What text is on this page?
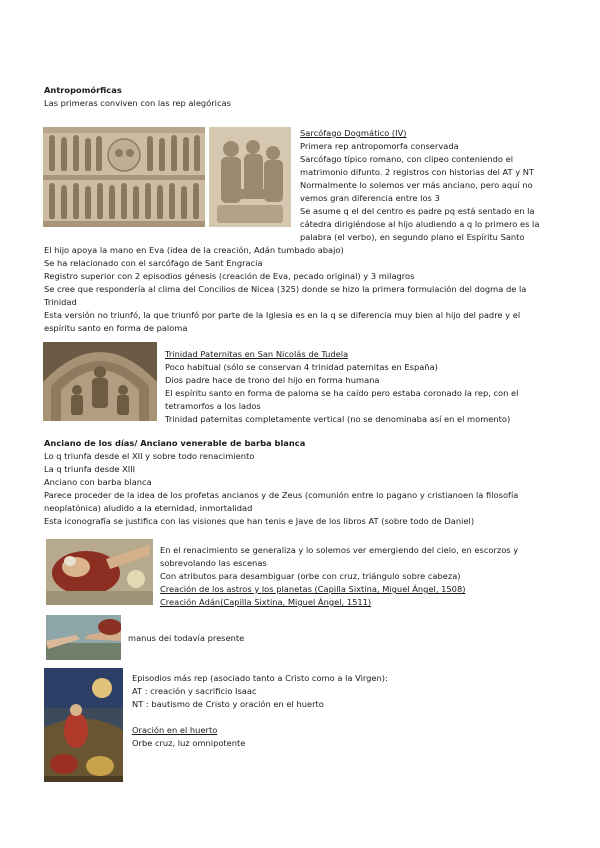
Antropomórficas
Las primeras conviven con las rep alegóricas
Sarcófago Dogmático (IV)
Primera rep antropomorfa conservada
Sarcófago típico romano, con clipeo conteniendo el
matrimonio difunto. 2 registros con historias del AT y NT
Normalmente lo solemos ver más anciano, pero aquí no
vemos gran diferencia entre los 3
Se asume q el del centro es padre pq está sentado en la
cátedra dirigiéndose al hijo aludiendo a q lo primero es la
palabra (el verbo), en segundo plano el Espíritu Santo
El hijo apoya la mano en Eva (idea de la creación, Adán tumbado abajo)
Se ha relacionado con el sarcófago de Sant Engracia
Registro superior con 2 episodios génesis (creación de Eva, pecado original) y 3 milagros
Se cree que respondería al clima del Concilios de Nicea (325) donde se hizo la primera formulación del dogma de la
Trinidad
Esta versión no triunfó, la que triunfó por parte de la Iglesia es en la q se diferencia muy bien al hijo del padre y el
espíritu santo en forma de paloma
Trinidad Paternitas en San Nicolás de Tudela
Poco habitual (sólo se conservan 4 trinidad paternitas en España)
Dios padre hace de trono del hijo en forma humana
El espíritu santo en forma de paloma se ha caído pero estaba coronado la rep, con el
tetramorfos a los lados
Trinidad paternitas completamente vertical (no se denominaba así en el momento)
Anciano de los días/ Anciano venerable de barba blanca
Lo q triunfa desde el XII y sobre todo renacimiento
La q triunfa desde XIII
Anciano con barba blanca
Parece proceder de la idea de los profetas ancianos y de Zeus (comunión entre lo pagano y cristianoen la filosofía
neoplatónica) aludido a la eternidad, inmortalidad
Esta iconografía se justifica con las visiones que han tenis e Jave de los libros AT (sobre todo de Daniel)
En el renacimiento se generaliza y lo solemos ver emergiendo del cielo, en escorzos y
sobrevolando las escenas
Con atributos para desambiguar (orbe con cruz, triángulo sobre cabeza)
Creación de los astros y los planetas (Capilla Sixtina, Miguel Ángel, 1508)
Creación Adán(Capilla Sixtina, Miguel Ángel, 1511)
manus dei todavía presente
Episodios más rep (asociado tanto a Cristo como a la Virgen):
AT : creación y sacrificio Isaac
NT : bautismo de Cristo y oración en el huerto
Oración en el huerto
Orbe cruz, luz omnipotente
